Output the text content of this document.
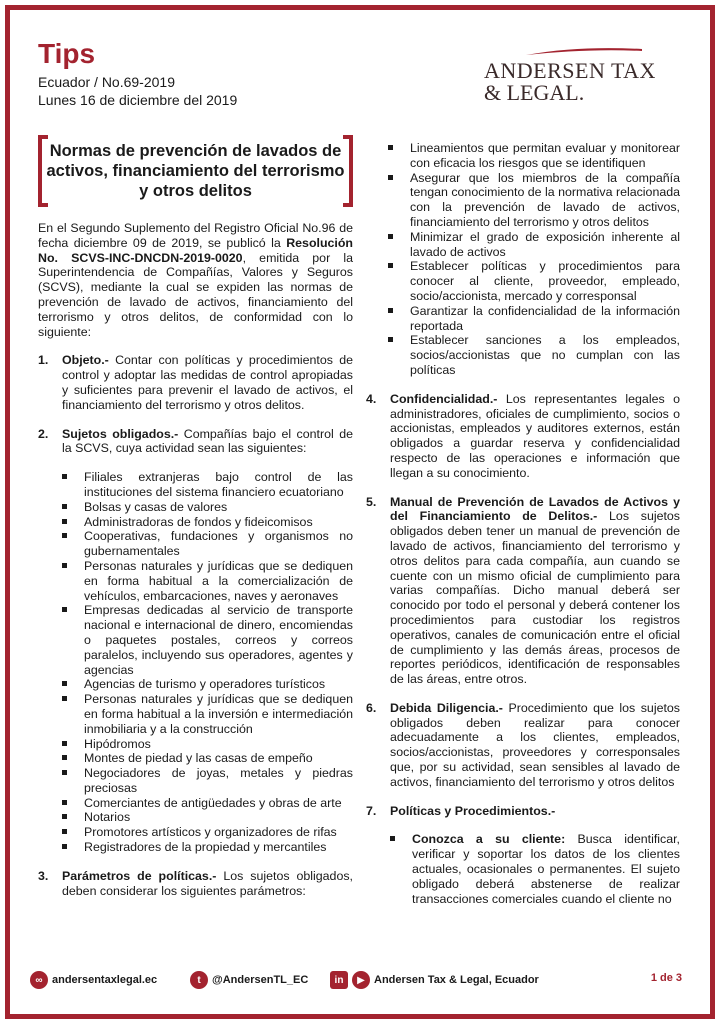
Tips
Ecuador / No.69-2019
Lunes 16 de diciembre del 2019
ANDERSEN TAX
& LEGAL.
Normas de prevención de lavados de activos, financiamiento del terrorismo y otros delitos

En el Segundo Suplemento del Registro Oficial No.96 de fecha diciembre 09 de 2019, se publicó la Resolución No. SCVS-INC-DNCDN-2019-0020, emitida por la Superintendencia de Compañías, Valores y Seguros (SCVS), mediante la cual se expiden las normas de prevención de lavado de activos, financiamiento del terrorismo y otros delitos, de conformidad con lo siguiente:

1. Objeto.- Contar con políticas y procedimientos de control y adoptar las medidas de control apropiadas y suficientes para prevenir el lavado de activos, el financiamiento del terrorismo y otros delitos.
2. Sujetos obligados.- Compañías bajo el control de la SCVS, cuya actividad sean las siguientes:
Filiales extranjeras bajo control de las instituciones del sistema financiero ecuatoriano
Bolsas y casas de valores
Administradoras de fondos y fideicomisos
Cooperativas, fundaciones y organismos no gubernamentales
Personas naturales y jurídicas que se dediquen en forma habitual a la comercialización de vehículos, embarcaciones, naves y aeronaves
Empresas dedicadas al servicio de transporte nacional e internacional de dinero, encomiendas o paquetes postales, correos y correos paralelos, incluyendo sus operadores, agentes y agencias
Agencias de turismo y operadores turísticos
Personas naturales y jurídicas que se dediquen en forma habitual a la inversión e intermediación inmobiliaria y a la construcción
Hipódromos
Montes de piedad y las casas de empeño
Negociadores de joyas, metales y piedras preciosas
Comerciantes de antigüedades y obras de arte
Notarios
Promotores artísticos y organizadores de rifas
Registradores de la propiedad y mercantiles
3. Parámetros de políticas.- Los sujetos obligados, deben considerar los siguientes parámetros:
Lineamientos que permitan evaluar y monitorear con eficacia los riesgos que se identifiquen
Asegurar que los miembros de la compañía tengan conocimiento de la normativa relacionada con la prevención de lavado de activos, financiamiento del terrorismo y otros delitos
Minimizar el grado de exposición inherente al lavado de activos
Establecer políticas y procedimientos para conocer al cliente, proveedor, empleado, socio/accionista, mercado y corresponsal
Garantizar la confidencialidad de la información reportada
Establecer sanciones a los empleados, socios/accionistas que no cumplan con las políticas
4. Confidencialidad.- Los representantes legales o administradores, oficiales de cumplimiento, socios o accionistas, empleados y auditores externos, están obligados a guardar reserva y confidencialidad respecto de las operaciones e información que llegan a su conocimiento.
5. Manual de Prevención de Lavados de Activos y del Financiamiento de Delitos.- Los sujetos obligados deben tener un manual de prevención de lavado de activos, financiamiento del terrorismo y otros delitos para cada compañía, aun cuando se cuente con un mismo oficial de cumplimiento para varias compañías. Dicho manual deberá ser conocido por todo el personal y deberá contener los procedimientos para custodiar los registros operativos, canales de comunicación entre el oficial de cumplimiento y las demás áreas, procesos de reportes periódicos, identificación de responsables de las áreas, entre otros.
6. Debida Diligencia.- Procedimiento que los sujetos obligados deben realizar para conocer adecuadamente a los clientes, empleados, socios/accionistas, proveedores y corresponsales que, por su actividad, sean sensibles al lavado de activos, financiamiento del terrorismo y otros delitos
7. Políticas y Procedimientos.-
Conozca a su cliente: Busca identificar, verificar y soportar los datos de los clientes actuales, ocasionales o permanentes. El sujeto obligado deberá abstenerse de realizar transacciones comerciales cuando el cliente no
∞ andersentaxlegal.ec	t	@AndersenTL_EC	in	▶ Andersen Tax & Legal, Ecuador	1 de 3
